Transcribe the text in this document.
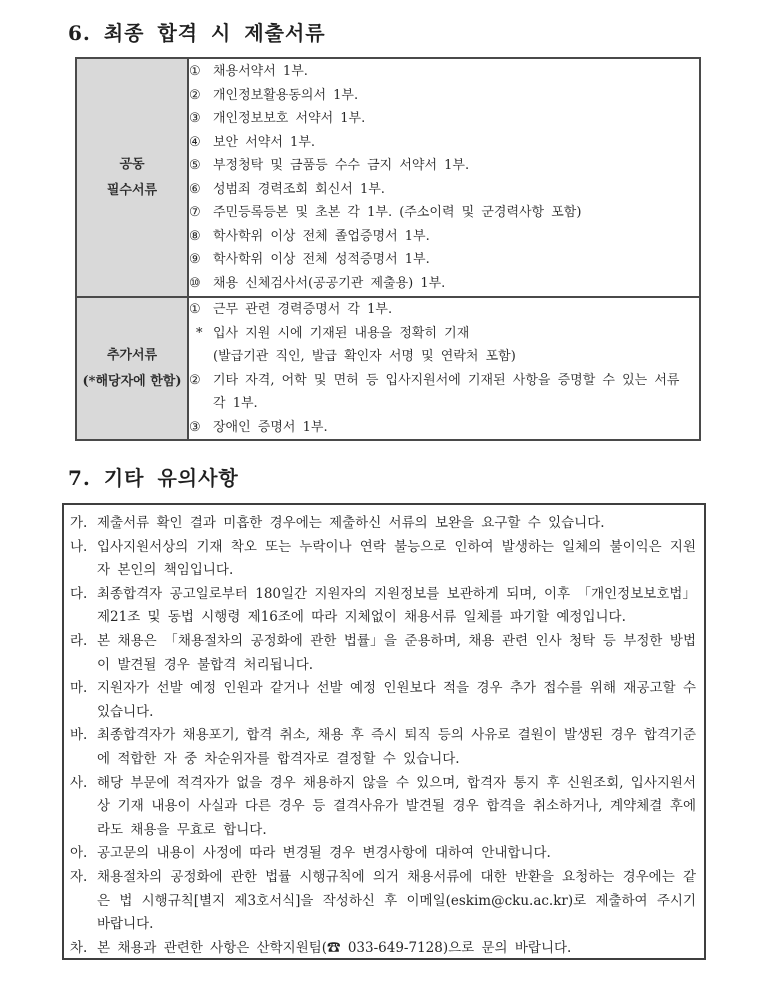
6. 최종 합격 시 제출서류
공동
필수서류

① 채용서약서 1부.
② 개인정보활용동의서 1부.
③ 개인정보보호 서약서 1부.
④ 보안 서약서 1부.
⑤ 부정청탁 및 금품등 수수 금지 서약서 1부.
⑥ 성범죄 경력조회 회신서 1부.
⑦ 주민등록등본 및 초본 각 1부. (주소이력 및 군경력사항 포함)
⑧ 학사학위 이상 전체 졸업증명서 1부.
⑨ 학사학위 이상 전체 성적증명서 1부.
⑩ 채용 신체검사서(공공기관 제출용) 1부.

추가서류
(*해당자에 한함)

① 근무 관련 경력증명서 각 1부.
* 입사 지원 시에 기재된 내용을 정확히 기재
(발급기관 직인, 발급 확인자 서명 및 연락처 포함)
② 기타 자격, 어학 및 면허 등 입사지원서에 기재된 사항을 증명할 수 있는 서류 각 1부.
③ 장애인 증명서 1부.
7. 기타 유의사항
가. 제출서류 확인 결과 미흡한 경우에는 제출하신 서류의 보완을 요구할 수 있습니다.
나. 입사지원서상의 기재 착오 또는 누락이나 연락 불능으로 인하여 발생하는 일체의 불이익은 지원자 본인의 책임입니다.
다. 최종합격자 공고일로부터 180일간 지원자의 지원정보를 보관하게 되며, 이후 「개인정보보호법」 제21조 및 동법 시행령 제16조에 따라 지체없이 채용서류 일체를 파기할 예정입니다.
라. 본 채용은 「채용절차의 공정화에 관한 법률」을 준용하며, 채용 관련 인사 청탁 등 부정한 방법이 발견될 경우 불합격 처리됩니다.
마. 지원자가 선발 예정 인원과 같거나 선발 예정 인원보다 적을 경우 추가 접수를 위해 재공고할 수 있습니다.
바. 최종합격자가 채용포기, 합격 취소, 채용 후 즉시 퇴직 등의 사유로 결원이 발생된 경우 합격기준에 적합한 자 중 차순위자를 합격자로 결정할 수 있습니다.
사. 해당 부문에 적격자가 없을 경우 채용하지 않을 수 있으며, 합격자 통지 후 신원조회, 입사지원서상 기재 내용이 사실과 다른 경우 등 결격사유가 발견될 경우 합격을 취소하거나, 계약체결 후에라도 채용을 무효로 합니다.
아. 공고문의 내용이 사정에 따라 변경될 경우 변경사항에 대하여 안내합니다.
자. 채용절차의 공정화에 관한 법률 시행규칙에 의거 채용서류에 대한 반환을 요청하는 경우에는 같은 법 시행규칙[별지 제3호서식]을 작성하신 후 이메일(eskim@cku.ac.kr)로 제출하여 주시기 바랍니다.
차. 본 채용과 관련한 사항은 산학지원팀(☎ 033-649-7128)으로 문의 바랍니다.
